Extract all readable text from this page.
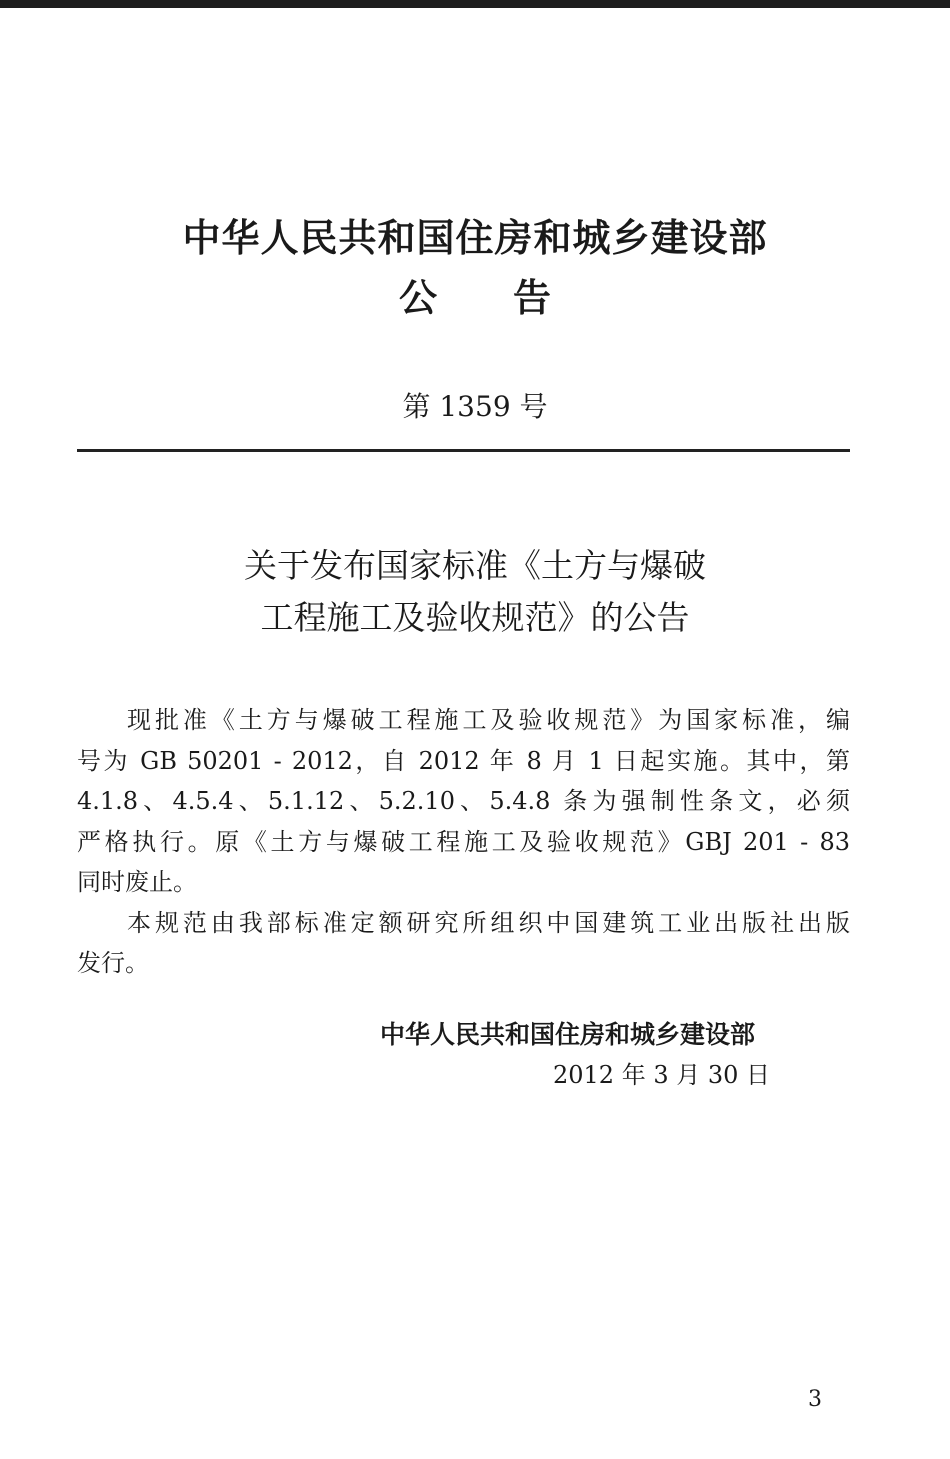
中华人民共和国住房和城乡建设部
公告
第 1359 号
关于发布国家标准《土方与爆破
工程施工及验收规范》的公告
现批准《土方与爆破工程施工及验收规范》为国家标准，编
号为 GB 50201 - 2012，自 2012 年 8 月 1 日起实施。其中，第
4.1.8、4.5.4、5.1.12、5.2.10、5.4.8 条为强制性条文，必须
严格执行。原《土方与爆破工程施工及验收规范》GBJ 201 - 83
同时废止。
本规范由我部标准定额研究所组织中国建筑工业出版社出版
发行。
中华人民共和国住房和城乡建设部
2012 年 3 月 30 日
3
